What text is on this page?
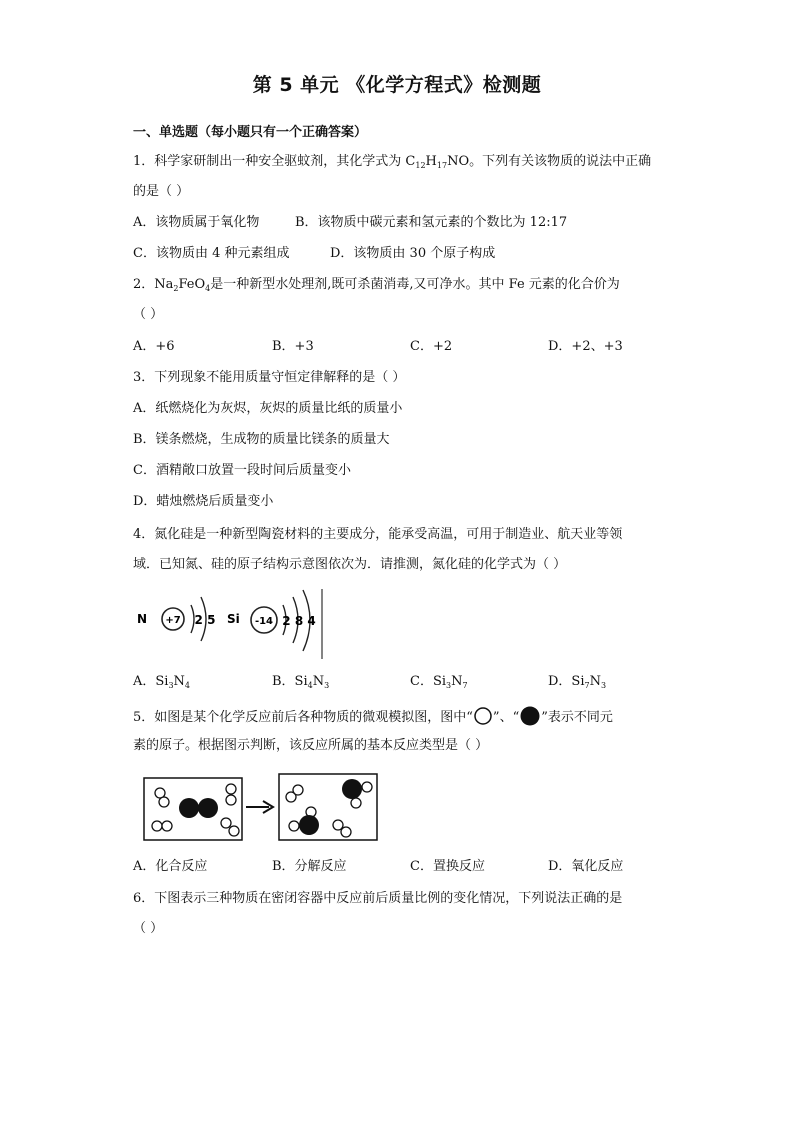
第 5 单元 《化学方程式》检测题
一、单选题（每小题只有一个正确答案）
1．科学家研制出一种安全驱蚊剂，其化学式为 $C_{12}H_{17}NO$。下列有关该物质的说法中正确
的是（ ）
A．该物质属于氧化物	B．该物质中碳元素和氢元素的个数比为 12:17
C．该物质由 4 种元素组成	D．该物质由 30 个原子构成
2．$Na_2FeO_4$是一种新型水处理剂,既可杀菌消毒,又可净水。其中 Fe 元素的化合价为
（ ）
A．+6	B．+3	C．+2	D．+2、+3
3．下列现象不能用质量守恒定律解释的是（ ）
A．纸燃烧化为灰烬，灰烬的质量比纸的质量小
B．镁条燃烧，生成物的质量比镁条的质量大
C．酒精敞口放置一段时间后质量变小
D．蜡烛燃烧后质量变小
4．氮化硅是一种新型陶瓷材料的主要成分，能承受高温，可用于制造业、航天业等领
域．已知氮、硅的原子结构示意图依次为．请推测，氮化硅的化学式为（ ）
N +7 2 5 Si -14 2 8 4
A．$Si_3N_4$	B．$Si_4N_3$	C．$Si_3N_7$	D．$Si_7N_3$
5．如图是某个化学反应前后各种物质的微观模拟图，图中“ ”、“ ”表示不同元
素的原子。根据图示判断，该反应所属的基本反应类型是（ ）
A．化合反应	B．分解反应	C．置换反应	D．氧化反应
6．下图表示三种物质在密闭容器中反应前后质量比例的变化情况，下列说法正确的是
（ ）
